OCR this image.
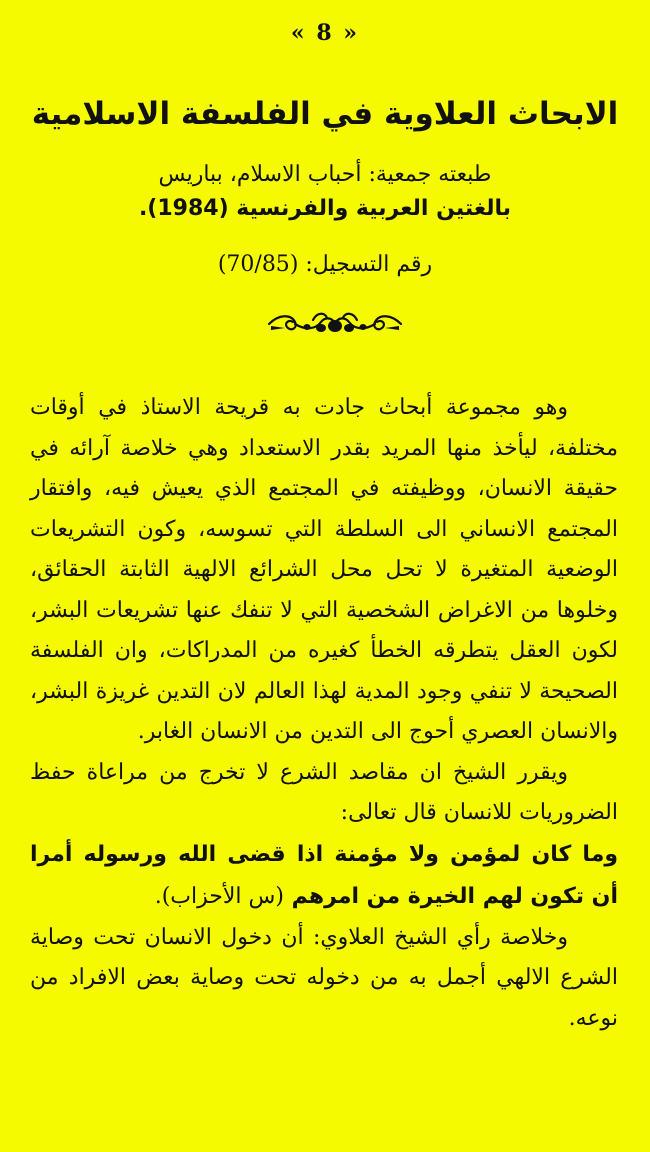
« 8 »
الابحاث العلاوية في الفلسفة الاسلامية
طبعته جمعية: أحباب الاسلام، بباريس
بالغتين العربية والفرنسية (1984).
رقم التسجيل: (70/85)

وهو مجموعة أبحاث جادت به قريحة الاستاذ في أوقات مختلفة، ليأخذ منها المريد بقدر الاستعداد وهي خلاصة آرائه في حقيقة الانسان، ووظيفته في المجتمع الذي يعيش فيه، وافتقار المجتمع الانساني الى السلطة التي تسوسه، وكون التشريعات الوضعية المتغيرة لا تحل محل الشرائع الالهية الثابتة الحقائق، وخلوها من الاغراض الشخصية التي لا تنفك عنها تشريعات البشر، لكون العقل يتطرقه الخطأ كغيره من المدراكات، وان الفلسفة الصحيحة لا تنفي وجود المدية لهذا العالم لان التدين غريزة البشر، والانسان العصري أحوج الى التدين من الانسان الغابر.

ويقرر الشيخ ان مقاصد الشرع لا تخرج من مراعاة حفظ الضروريات للانسان قال تعالى:

وما كان لمؤمن ولا مؤمنة اذا قضى الله ورسوله أمرا أن تكون لهم الخيرة من امرهم (س الأحزاب).

وخلاصة رأي الشيخ العلاوي: أن دخول الانسان تحت وصاية الشرع الالهي أجمل به من دخوله تحت وصاية بعض الافراد من نوعه.
